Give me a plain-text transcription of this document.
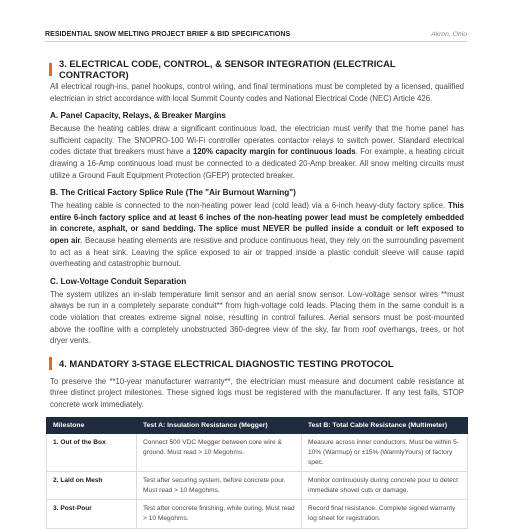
RESIDENTIAL SNOW MELTING PROJECT BRIEF & BID SPECIFICATIONS	Akron, Ohio
3. ELECTRICAL CODE, CONTROL, & SENSOR INTEGRATION (ELECTRICAL CONTRACTOR)

All electrical rough-ins, panel hookups, control wiring, and final terminations must be completed by a licensed, qualified electrician in strict accordance with local Summit County codes and National Electrical Code (NEC) Article 426.

A. Panel Capacity, Relays, & Breaker Margins

Because the heating cables draw a significant continuous load, the electrician must verify that the home panel has sufficient capacity. The SNOPRO-100 Wi-Fi controller operates contactor relays to switch power. Standard electrical codes dictate that breakers must have a 120% capacity margin for continuous loads. For example, a heating circuit drawing a 16-Amp continuous load must be connected to a dedicated 20-Amp breaker. All snow melting circuits must utilize a Ground Fault Equipment Protection (GFEP) protected breaker.

B. The Critical Factory Splice Rule (The "Air Burnout Warning")

The heating cable is connected to the non-heating power lead (cold lead) via a 6-inch heavy-duty factory splice. This entire 6-inch factory splice and at least 6 inches of the non-heating power lead must be completely embedded in concrete, asphalt, or sand bedding. The splice must NEVER be pulled inside a conduit or left exposed to open air. Because heating elements are resistive and produce continuous heat, they rely on the surrounding pavement to act as a heat sink. Leaving the splice exposed to air or trapped inside a plastic conduit sleeve will cause rapid overheating and catastrophic burnout.

C. Low-Voltage Conduit Separation

The system utilizes an in-slab temperature limit sensor and an aerial snow sensor. Low-voltage sensor wires **must always be run in a completely separate conduit** from high-voltage cold leads. Placing them in the same conduit is a code violation that creates extreme signal noise, resulting in control failures. Aerial sensors must be post-mounted above the roofline with a completely unobstructed 360-degree view of the sky, far from roof overhangs, trees, or hot dryer vents.

4. MANDATORY 3-STAGE ELECTRICAL DIAGNOSTIC TESTING PROTOCOL

To preserve the **10-year manufacturer warranty**, the electrician must measure and document cable resistance at three distinct project milestones. These signed logs must be registered with the manufacturer. If any test fails, STOP concrete work immediately.

Milestone	Test A: Insulation Resistance (Megger)	Test B: Total Cable Resistance (Multimeter)
1. Out of the Box	Connect 500 VDC Megger between core wire & ground. Must read > 10 Megohms.	Measure across inner conductors. Must be within 5-10% (Warmup) or ±15% (WarmlyYours) of factory spec.
2. Laid on Mesh	Test after securing system, before concrete pour. Must read > 10 Megohms.	Monitor continuously during concrete pour to detect immediate shovel cuts or damage.
3. Post-Pour	Test after concrete finishing, while curing. Must read > 10 Megohms.	Record final resistance. Complete signed warranty log sheet for registration.
